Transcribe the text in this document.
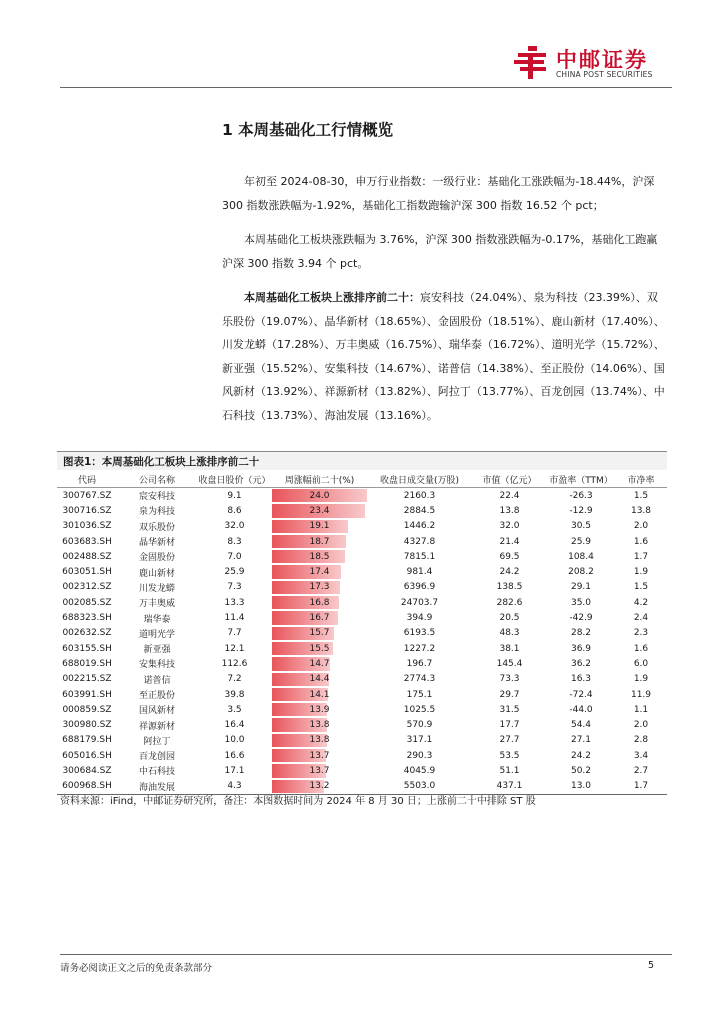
中邮证券
CHINA POST SECURITIES
1 本周基础化工行情概览

年初至 2024-08-30，申万行业指数：一级行业：基础化工涨跌幅为-18.44%，沪深 300 指数涨跌幅为-1.92%，基础化工指数跑输沪深 300 指数 16.52 个 pct；

本周基础化工板块涨跌幅为 3.76%，沪深 300 指数涨跌幅为-0.17%，基础化工跑赢沪深 300 指数 3.94 个 pct。

本周基础化工板块上涨排序前二十：宸安科技（24.04%）、泉为科技（23.39%）、双乐股份（19.07%）、晶华新材（18.65%）、金固股份（18.51%）、鹿山新材（17.40%）、川发龙蟒（17.28%）、万丰奥威（16.75%）、瑞华泰（16.72%）、道明光学（15.72%）、新亚强（15.52%）、安集科技（14.67%）、诺普信（14.38%）、至正股份（14.06%）、国风新材（13.92%）、祥源新材（13.82%）、阿拉丁（13.77%）、百龙创园（13.74%）、中石科技（13.73%）、海油发展（13.16%）。

图表1：本周基础化工板块上涨排序前二十
代码	公司名称	收盘日股价（元）	周涨幅前二十(%)	收盘日成交量(万股)	市值（亿元）	市盈率（TTM）	市净率
300767.SZ	宸安科技	9.1	24.0	2160.3	22.4	-26.3	1.5
300716.SZ	泉为科技	8.6	23.4	2884.5	13.8	-12.9	13.8
301036.SZ	双乐股份	32.0	19.1	1446.2	32.0	30.5	2.0
603683.SH	晶华新材	8.3	18.7	4327.8	21.4	25.9	1.6
002488.SZ	金固股份	7.0	18.5	7815.1	69.5	108.4	1.7
603051.SH	鹿山新材	25.9	17.4	981.4	24.2	208.2	1.9
002312.SZ	川发龙蟒	7.3	17.3	6396.9	138.5	29.1	1.5
002085.SZ	万丰奥威	13.3	16.8	24703.7	282.6	35.0	4.2
688323.SH	瑞华泰	11.4	16.7	394.9	20.5	-42.9	2.4
002632.SZ	道明光学	7.7	15.7	6193.5	48.3	28.2	2.3
603155.SH	新亚强	12.1	15.5	1227.2	38.1	36.9	1.6
688019.SH	安集科技	112.6	14.7	196.7	145.4	36.2	6.0
002215.SZ	诺普信	7.2	14.4	2774.3	73.3	16.3	1.9
603991.SH	至正股份	39.8	14.1	175.1	29.7	-72.4	11.9
000859.SZ	国风新材	3.5	13.9	1025.5	31.5	-44.0	1.1
300980.SZ	祥源新材	16.4	13.8	570.9	17.7	54.4	2.0
688179.SH	阿拉丁	10.0	13.8	317.1	27.7	27.1	2.8
605016.SH	百龙创园	16.6	13.7	290.3	53.5	24.2	3.4
300684.SZ	中石科技	17.1	13.7	4045.9	51.1	50.2	2.7
600968.SH	海油发展	4.3	13.2	5503.0	437.1	13.0	1.7
资料来源：iFind，中邮证券研究所，备注：本图数据时间为 2024 年 8 月 30 日；上涨前二十中排除 ST 股
请务必阅读正文之后的免责条款部分	5
